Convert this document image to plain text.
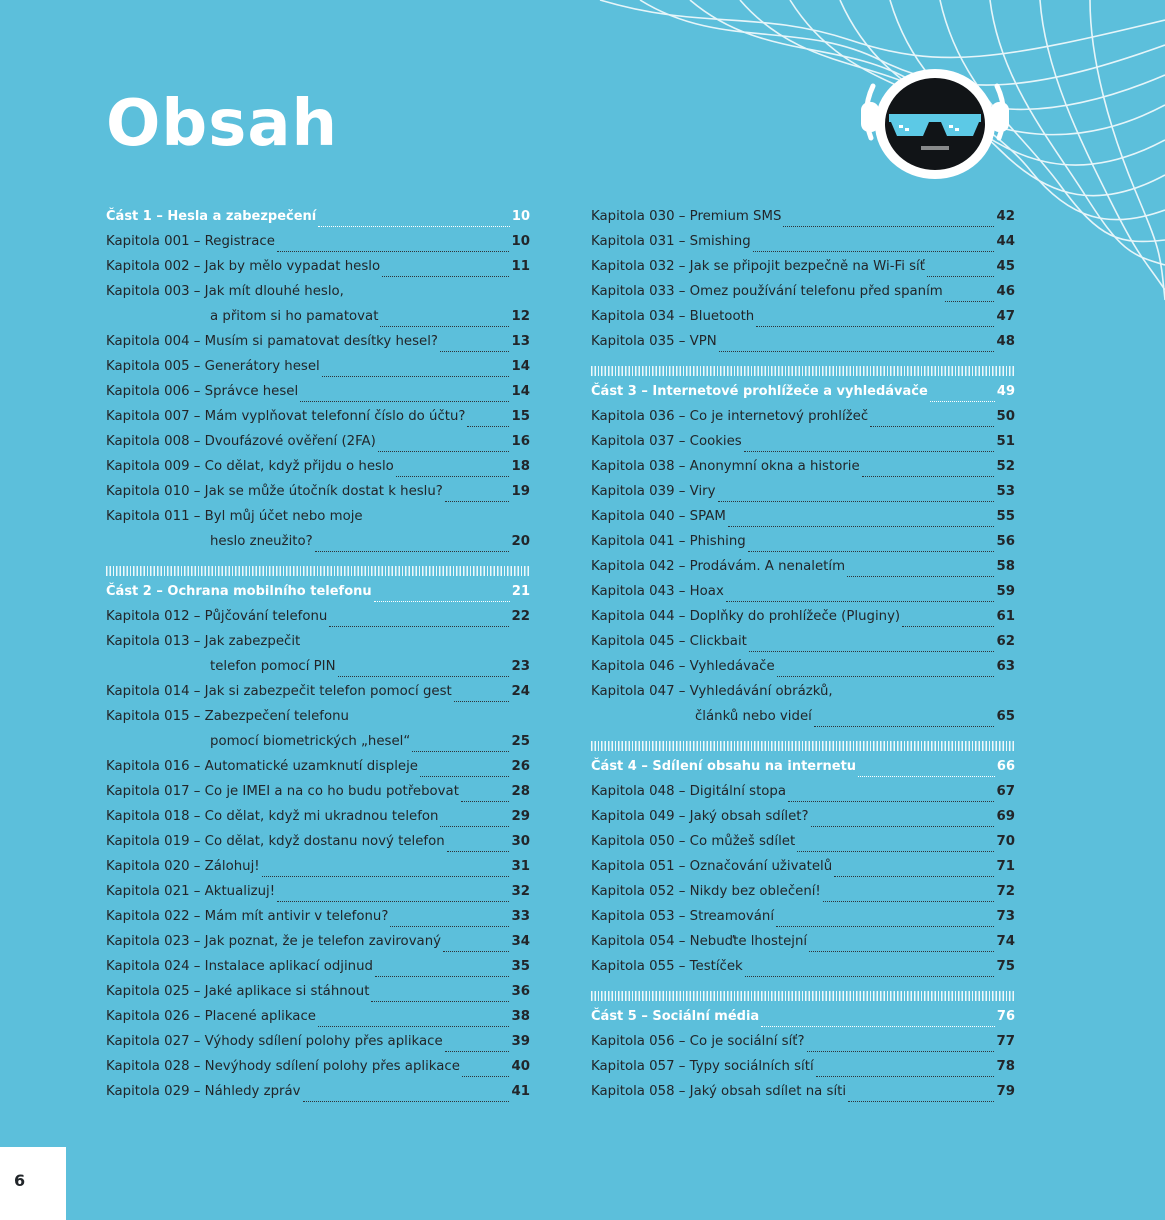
Obsah
Část 1 – Hesla a zabezpečení	10
Kapitola 001 – Registrace	10
Kapitola 002 – Jak by mělo vypadat heslo	11
Kapitola 003 – Jak mít dlouhé heslo,
a přitom si ho pamatovat	12
Kapitola 004 – Musím si pamatovat desítky hesel?	13
Kapitola 005 – Generátory hesel	14
Kapitola 006 – Správce hesel	14
Kapitola 007 – Mám vyplňovat telefonní číslo do účtu?	15
Kapitola 008 – Dvoufázové ověření (2FA)	16
Kapitola 009 – Co dělat, když přijdu o heslo	18
Kapitola 010 – Jak se může útočník dostat k heslu?	19
Kapitola 011 – Byl můj účet nebo moje
heslo zneužito?	20
Část 2 – Ochrana mobilního telefonu	21
Kapitola 012 – Půjčování telefonu	22
Kapitola 013 – Jak zabezpečit
telefon pomocí PIN	23
Kapitola 014 – Jak si zabezpečit telefon pomocí gest	24
Kapitola 015 – Zabezpečení telefonu
pomocí biometrických „hesel“	25
Kapitola 016 – Automatické uzamknutí displeje	26
Kapitola 017 – Co je IMEI a na co ho budu potřebovat	28
Kapitola 018 – Co dělat, když mi ukradnou telefon	29
Kapitola 019 – Co dělat, když dostanu nový telefon	30
Kapitola 020 – Zálohuj!	31
Kapitola 021 – Aktualizuj!	32
Kapitola 022 – Mám mít antivir v telefonu?	33
Kapitola 023 – Jak poznat, že je telefon zavirovaný	34
Kapitola 024 – Instalace aplikací odjinud	35
Kapitola 025 – Jaké aplikace si stáhnout	36
Kapitola 026 – Placené aplikace	38
Kapitola 027 – Výhody sdílení polohy přes aplikace	39
Kapitola 028 – Nevýhody sdílení polohy přes aplikace	40
Kapitola 029 – Náhledy zpráv	41
Kapitola 030 – Premium SMS	42
Kapitola 031 – Smishing	44
Kapitola 032 – Jak se připojit bezpečně na Wi-Fi síť	45
Kapitola 033 – Omez používání telefonu před spaním	46
Kapitola 034 – Bluetooth	47
Kapitola 035 – VPN	48
Část 3 – Internetové prohlížeče a vyhledávače	49
Kapitola 036 – Co je internetový prohlížeč	50
Kapitola 037 – Cookies	51
Kapitola 038 – Anonymní okna a historie	52
Kapitola 039 – Viry	53
Kapitola 040 – SPAM	55
Kapitola 041 – Phishing	56
Kapitola 042 – Prodávám. A nenaletím	58
Kapitola 043 – Hoax	59
Kapitola 044 – Doplňky do prohlížeče (Pluginy)	61
Kapitola 045 – Clickbait	62
Kapitola 046 – Vyhledávače	63
Kapitola 047 – Vyhledávání obrázků,
článků nebo videí	65
Část 4 – Sdílení obsahu na internetu	66
Kapitola 048 – Digitální stopa	67
Kapitola 049 – Jaký obsah sdílet?	69
Kapitola 050 – Co můžeš sdílet	70
Kapitola 051 – Označování uživatelů	71
Kapitola 052 – Nikdy bez oblečení!	72
Kapitola 053 – Streamování	73
Kapitola 054 – Nebuďte lhostejní	74
Kapitola 055 – Testíček	75
Část 5 – Sociální média	76
Kapitola 056 – Co je sociální síť?	77
Kapitola 057 – Typy sociálních sítí	78
Kapitola 058 – Jaký obsah sdílet na síti	79
6
